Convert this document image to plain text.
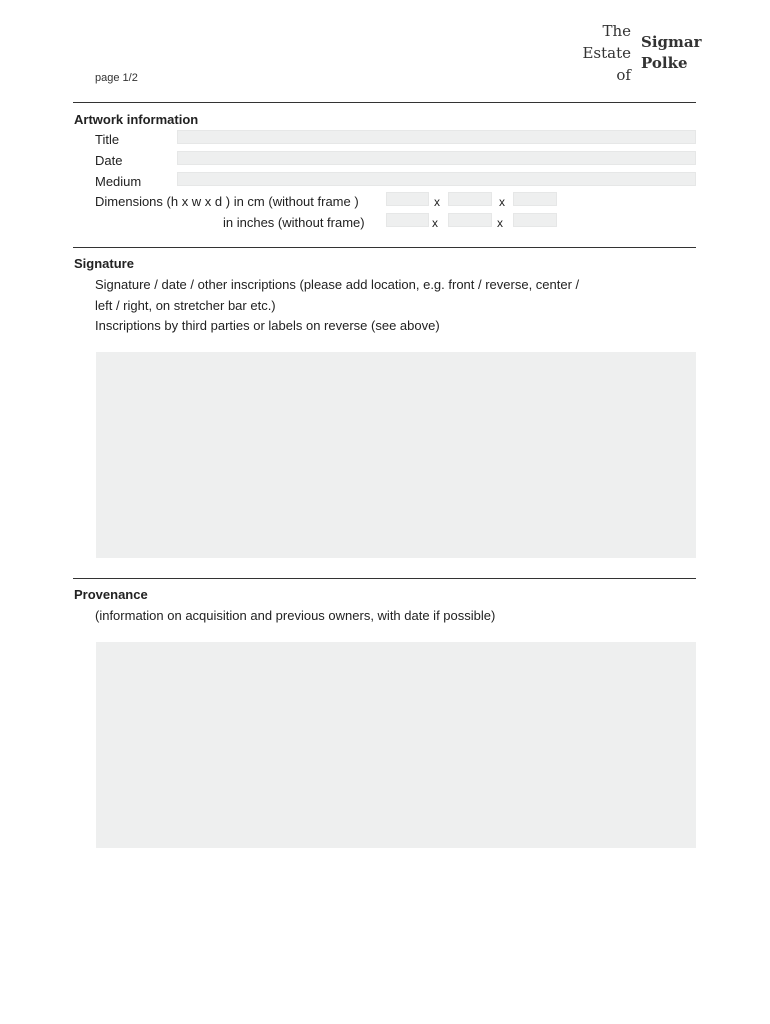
The
Estate
of
Sigmar
Polke
page 1/2
Artwork information
Title
Date
Medium
Dimensions (h x w x d ) in cm (without frame )	x	x
in inches (without frame)	x	x
Signature
Signature / date / other inscriptions (please add location, e.g. front / reverse, center /
left / right, on stretcher bar etc.)
Inscriptions by third parties or labels on reverse (see above)
Provenance
(information on acquisition and previous owners, with date if possible)
